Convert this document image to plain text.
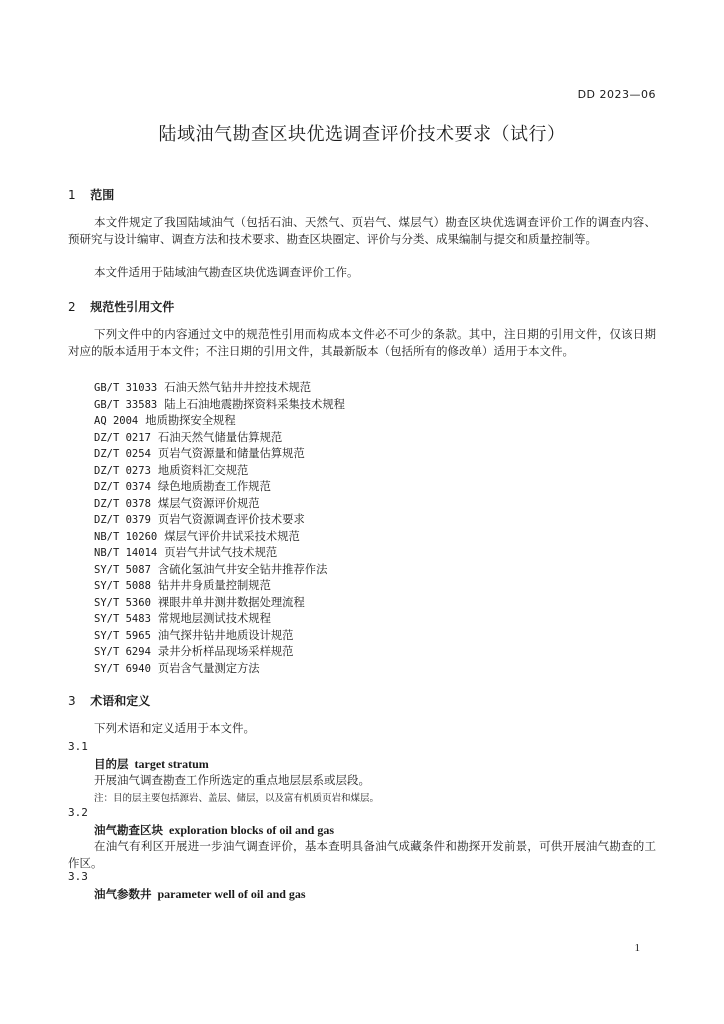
DD 2023—06
陆域油气勘查区块优选调查评价技术要求（试行）
1 范围
本文件规定了我国陆域油气（包括石油、天然气、页岩气、煤层气）勘查区块优选调查评价工作的调查内容、预研究与设计编审、调查方法和技术要求、勘查区块圈定、评价与分类、成果编制与提交和质量控制等。
本文件适用于陆域油气勘查区块优选调查评价工作。
2 规范性引用文件
下列文件中的内容通过文中的规范性引用而构成本文件必不可少的条款。其中，注日期的引用文件，仅该日期对应的版本适用于本文件；不注日期的引用文件，其最新版本（包括所有的修改单）适用于本文件。
GB/T 31033 石油天然气钻井井控技术规范
GB/T 33583 陆上石油地震勘探资料采集技术规程
AQ 2004 地质勘探安全规程
DZ/T 0217 石油天然气储量估算规范
DZ/T 0254 页岩气资源量和储量估算规范
DZ/T 0273 地质资料汇交规范
DZ/T 0374 绿色地质勘查工作规范
DZ/T 0378 煤层气资源评价规范
DZ/T 0379 页岩气资源调查评价技术要求
NB/T 10260 煤层气评价井试采技术规范
NB/T 14014 页岩气井试气技术规范
SY/T 5087 含硫化氢油气井安全钻井推荐作法
SY/T 5088 钻井井身质量控制规范
SY/T 5360 裸眼井单井测井数据处理流程
SY/T 5483 常规地层测试技术规程
SY/T 5965 油气探井钻井地质设计规范
SY/T 6294 录井分析样品现场采样规范
SY/T 6940 页岩含气量测定方法
3 术语和定义
下列术语和定义适用于本文件。
3.1
目的层 target stratum
开展油气调查勘查工作所选定的重点地层层系或层段。
注：目的层主要包括源岩、盖层、储层，以及富有机质页岩和煤层。
3.2
油气勘查区块 exploration blocks of oil and gas
在油气有利区开展进一步油气调查评价，基本查明具备油气成藏条件和勘探开发前景，可供开展油气勘查的工作区。
3.3
油气参数井 parameter well of oil and gas
1
